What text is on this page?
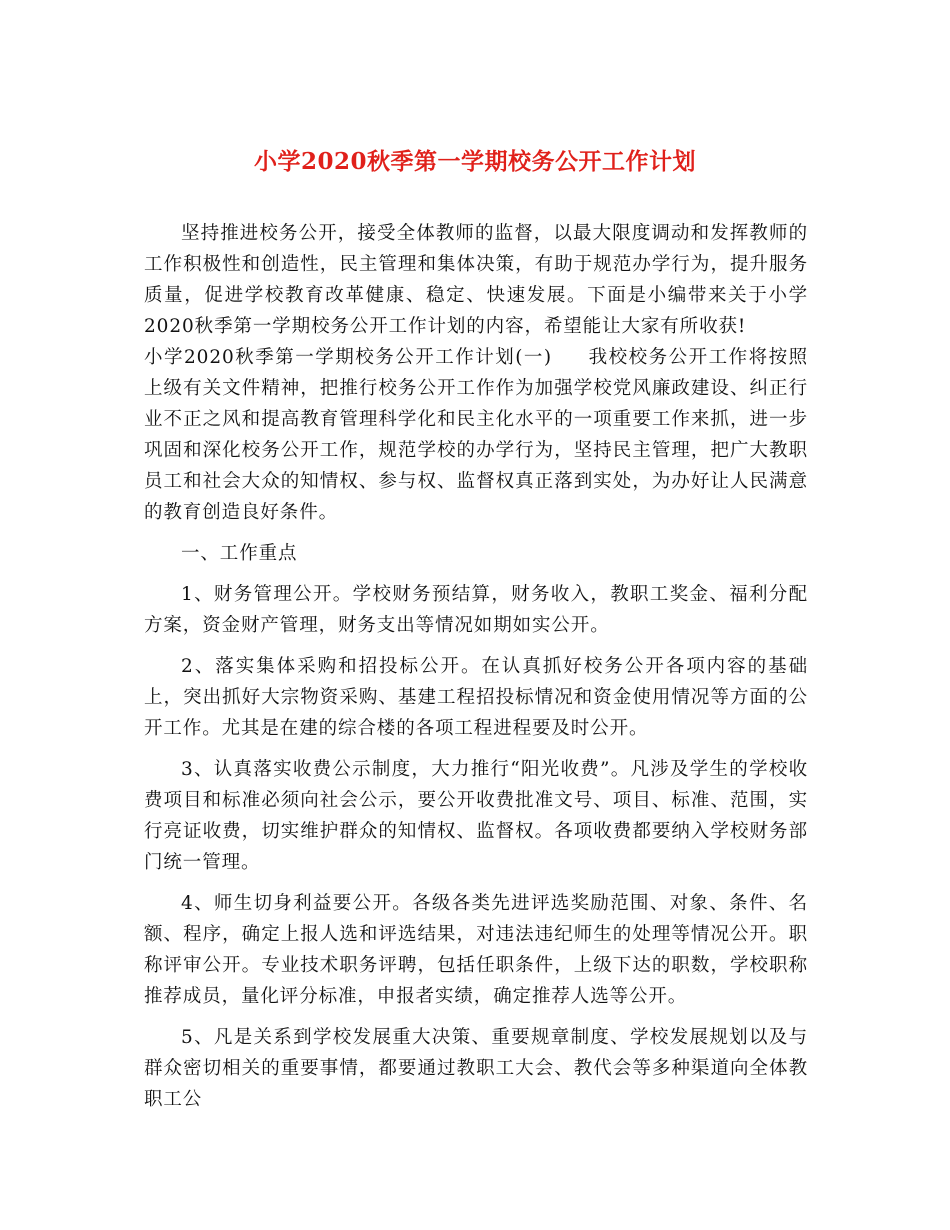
小学2020秋季第一学期校务公开工作计划

坚持推进校务公开，接受全体教师的监督，以最大限度调动和发挥教师的工作积极性和创造性，民主管理和集体决策，有助于规范办学行为，提升服务质量，促进学校教育改革健康、稳定、快速发展。下面是小编带来关于小学2020秋季第一学期校务公开工作计划的内容，希望能让大家有所收获!

小学2020秋季第一学期校务公开工作计划(一) 我校校务公开工作将按照上级有关文件精神，把推行校务公开工作作为加强学校党风廉政建设、纠正行业不正之风和提高教育管理科学化和民主化水平的一项重要工作来抓，进一步巩固和深化校务公开工作，规范学校的办学行为，坚持民主管理，把广大教职员工和社会大众的知情权、参与权、监督权真正落到实处，为办好让人民满意的教育创造良好条件。

一、工作重点

1、财务管理公开。学校财务预结算，财务收入，教职工奖金、福利分配方案，资金财产管理，财务支出等情况如期如实公开。

2、落实集体采购和招投标公开。在认真抓好校务公开各项内容的基础上，突出抓好大宗物资采购、基建工程招投标情况和资金使用情况等方面的公开工作。尤其是在建的综合楼的各项工程进程要及时公开。

3、认真落实收费公示制度，大力推行“阳光收费”。凡涉及学生的学校收费项目和标准必须向社会公示，要公开收费批准文号、项目、标准、范围，实行亮证收费，切实维护群众的知情权、监督权。各项收费都要纳入学校财务部门统一管理。

4、师生切身利益要公开。各级各类先进评选奖励范围、对象、条件、名额、程序，确定上报人选和评选结果，对违法违纪师生的处理等情况公开。职称评审公开。专业技术职务评聘，包括任职条件，上级下达的职数，学校职称推荐成员，量化评分标准，申报者实绩，确定推荐人选等公开。

5、凡是关系到学校发展重大决策、重要规章制度、学校发展规划以及与群众密切相关的重要事情，都要通过教职工大会、教代会等多种渠道向全体教职工公
